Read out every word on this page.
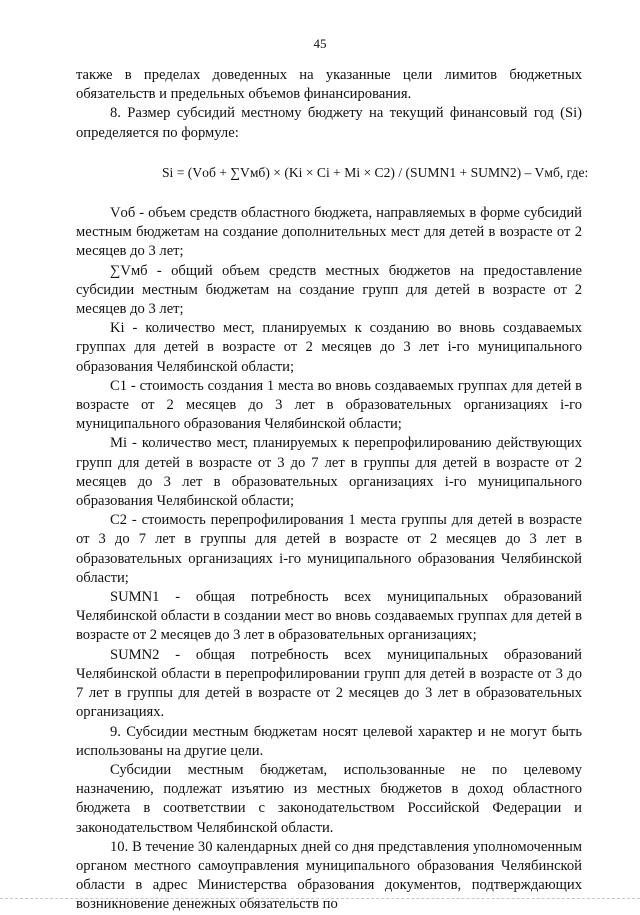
45

также в пределах доведенных на указанные цели лимитов бюджетных обязательств и предельных объемов финансирования.

8. Размер субсидий местному бюджету на текущий финансовый год (Si) определяется по формуле:

Si = (Vоб + ∑Vмб) × (Ki × Ci + Mi × C2) / (SUMN1 + SUMN2) – Vмб, где:

Vоб - объем средств областного бюджета, направляемых в форме субсидий местным бюджетам на создание дополнительных мест для детей в возрасте от 2 месяцев до 3 лет;

∑Vмб - общий объем средств местных бюджетов на предоставление субсидии местным бюджетам на создание групп для детей в возрасте от 2 месяцев до 3 лет;

Ki - количество мест, планируемых к созданию во вновь создаваемых группах для детей в возрасте от 2 месяцев до 3 лет i-го муниципального образования Челябинской области;

C1 - стоимость создания 1 места во вновь создаваемых группах для детей в возрасте от 2 месяцев до 3 лет в образовательных организациях i-го муниципального образования Челябинской области;

Mi - количество мест, планируемых к перепрофилированию действующих групп для детей в возрасте от 3 до 7 лет в группы для детей в возрасте от 2 месяцев до 3 лет в образовательных организациях i-го муниципального образования Челябинской области;

C2 - стоимость перепрофилирования 1 места группы для детей в возрасте от 3 до 7 лет в группы для детей в возрасте от 2 месяцев до 3 лет в образовательных организациях i-го муниципального образования Челябинской области;

SUMN1 - общая потребность всех муниципальных образований Челябинской области в создании мест во вновь создаваемых группах для детей в возрасте от 2 месяцев до 3 лет в образовательных организациях;

SUMN2 - общая потребность всех муниципальных образований Челябинской области в перепрофилировании групп для детей в возрасте от 3 до 7 лет в группы для детей в возрасте от 2 месяцев до 3 лет в образовательных организациях.

9. Субсидии местным бюджетам носят целевой характер и не могут быть использованы на другие цели.

Субсидии местным бюджетам, использованные не по целевому назначению, подлежат изъятию из местных бюджетов в доход областного бюджета в соответствии с законодательством Российской Федерации и законодательством Челябинской области.

10. В течение 30 календарных дней со дня представления уполномоченным органом местного самоуправления муниципального образования Челябинской области в адрес Министерства образования документов, подтверждающих возникновение денежных обязательств по
